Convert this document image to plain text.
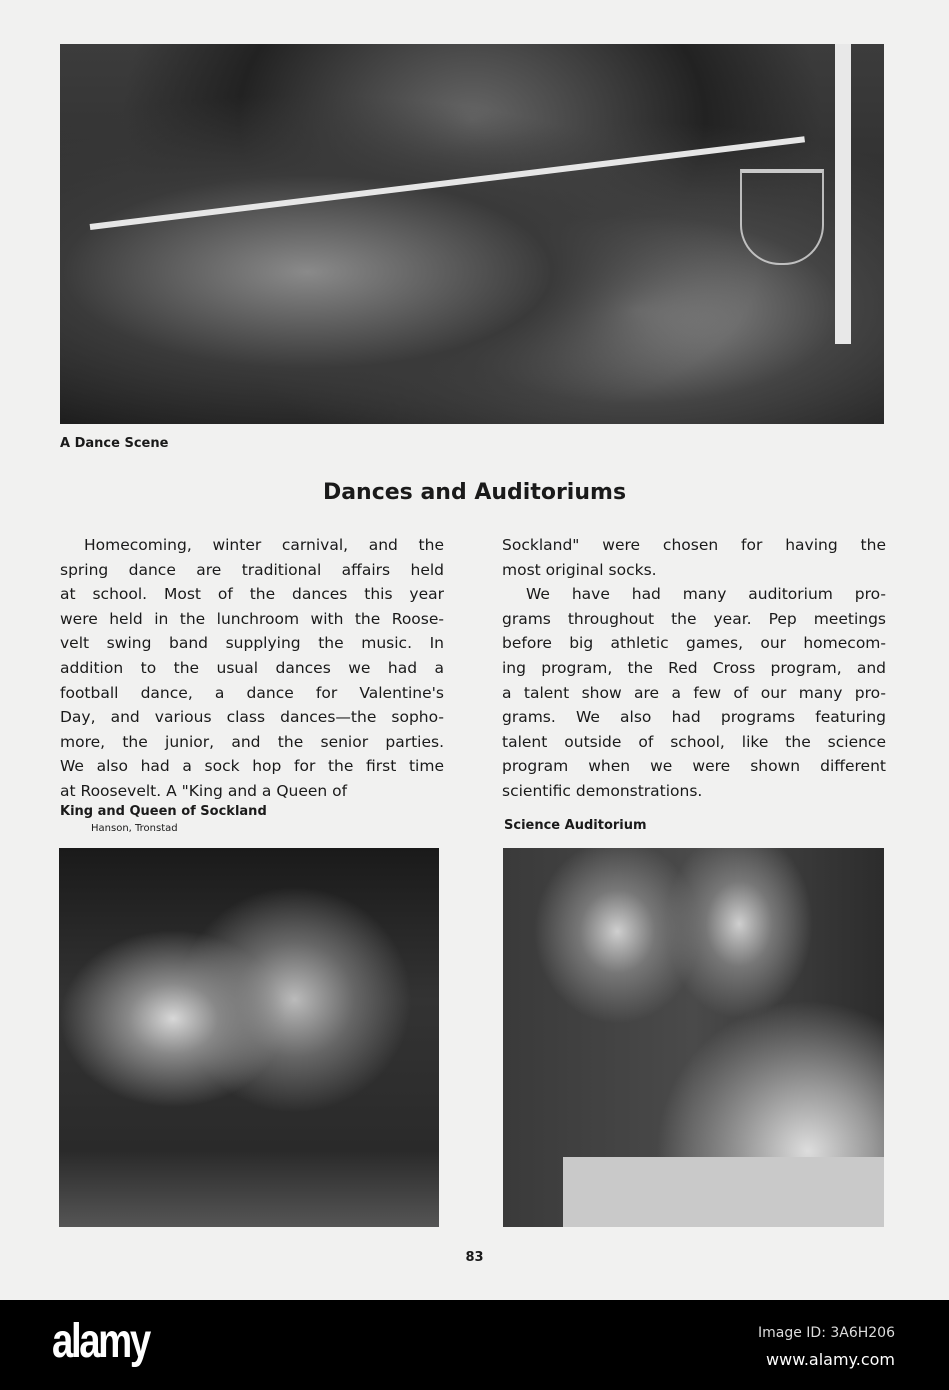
A Dance Scene
Dances and Auditoriums
Homecoming, winter carnival, and the
spring dance are traditional affairs held
at school. Most of the dances this year
were held in the lunchroom with the Roose-
velt swing band supplying the music. In
addition to the usual dances we had a
football dance, a dance for Valentine's
Day, and various class dances—the sopho-
more, the junior, and the senior parties.
We also had a sock hop for the first time
at Roosevelt. A "King and a Queen of
Sockland" were chosen for having the
most original socks.
We have had many auditorium pro-
grams throughout the year. Pep meetings
before big athletic games, our homecom-
ing program, the Red Cross program, and
a talent show are a few of our many pro-
grams. We also had programs featuring
talent outside of school, like the science
program when we were shown different
scientific demonstrations.
King and Queen of Sockland
Hanson, Tronstad	Science Auditorium
83
alamy	Image ID: 3A6H206
www.alamy.com
